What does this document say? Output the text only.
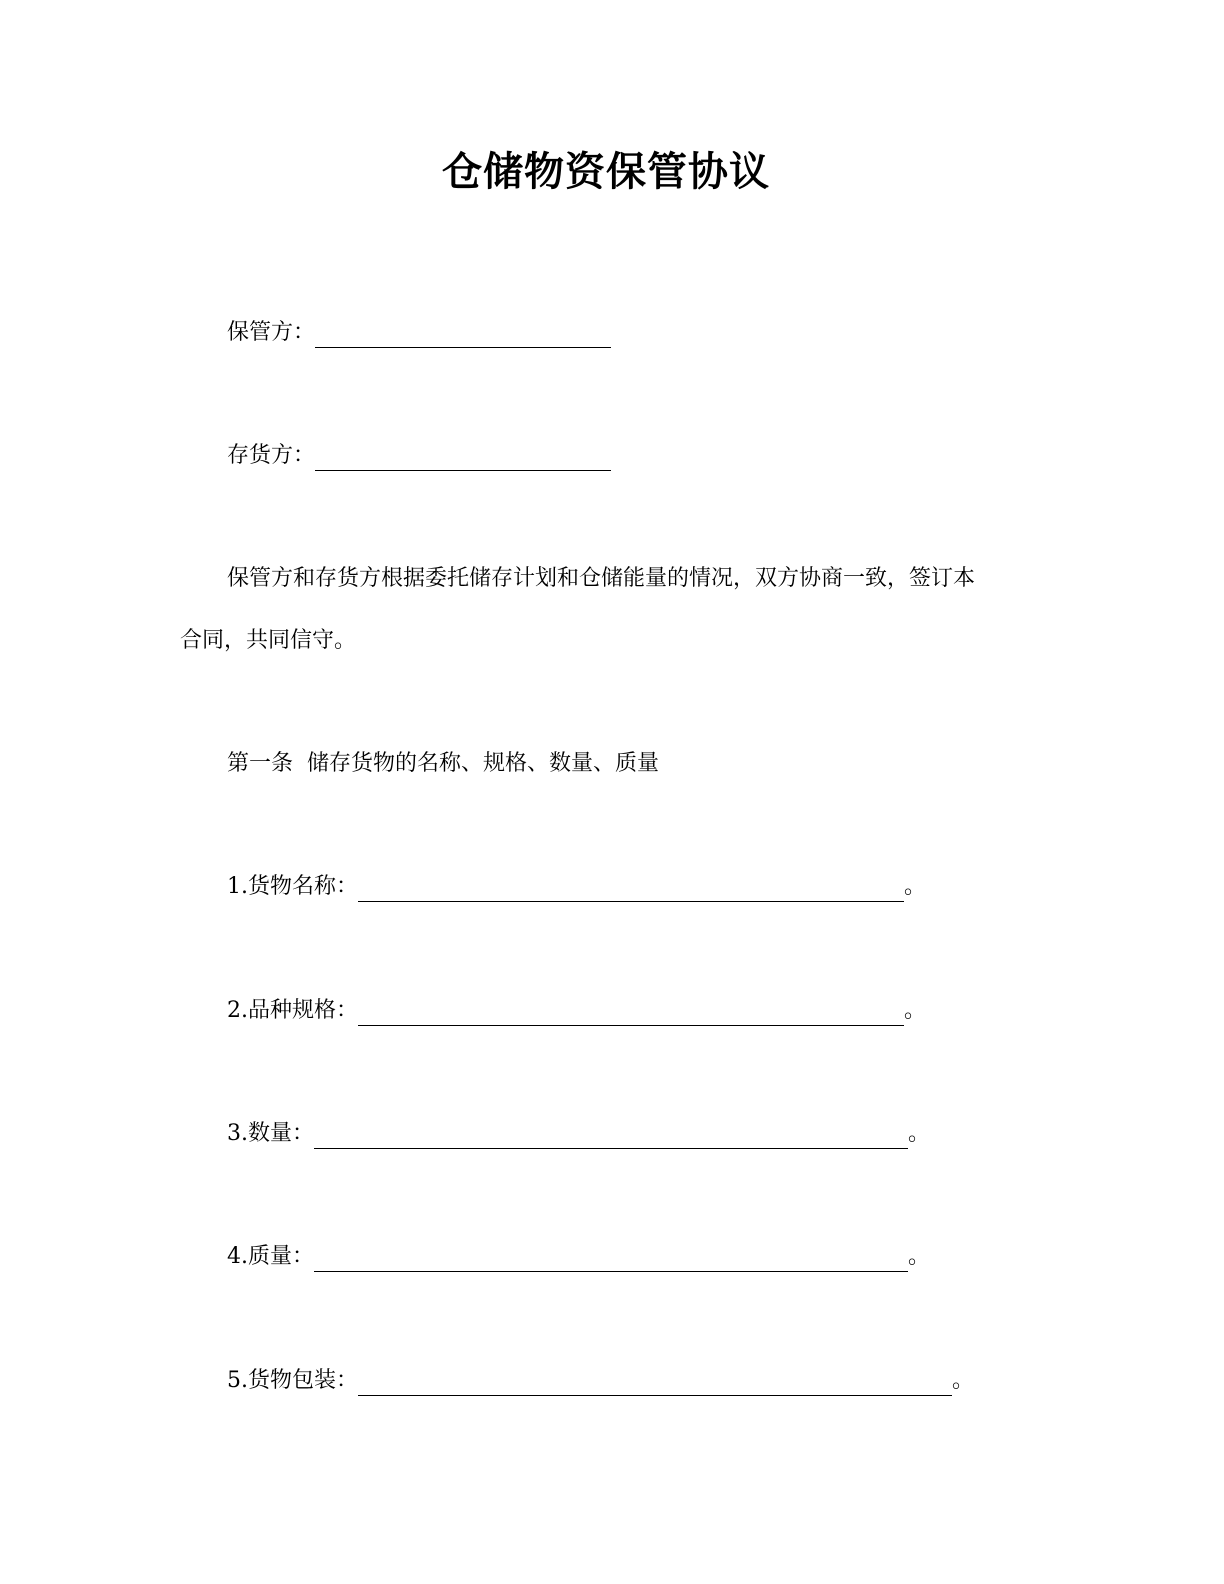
仓储物资保管协议
保管方：
存货方：
保管方和存货方根据委托储存计划和仓储能量的情况，双方协商一致，签订本
合同，共同信守。
第一条  储存货物的名称、规格、数量、质量
1.货物名称：	。
2.品种规格：	。
3.数量：	。
4.质量：	。
5.货物包装：	。
